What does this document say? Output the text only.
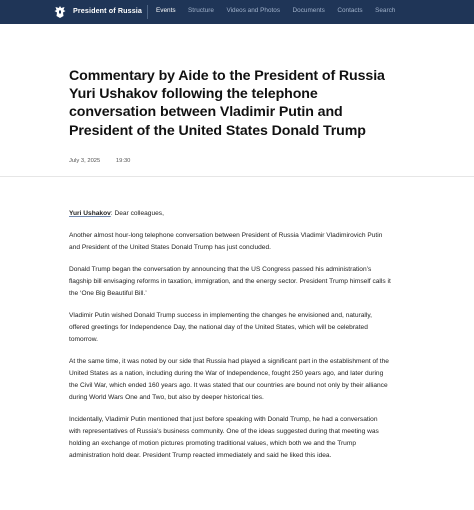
President of Russia Events Structure Videos and Photos Documents Contacts Search
Commentary by Aide to the President of Russia Yuri Ushakov following the telephone conversation between Vladimir Putin and President of the United States Donald Trump
July 3, 2025	19:30

Yuri Ushakov: Dear colleagues,

Another almost hour-long telephone conversation between President of Russia Vladimir Vladimirovich Putin and President of the United States Donald Trump has just concluded.

Donald Trump began the conversation by announcing that the US Congress passed his administration’s flagship bill envisaging reforms in taxation, immigration, and the energy sector. President Trump himself calls it the ‘One Big Beautiful Bill.’

Vladimir Putin wished Donald Trump success in implementing the changes he envisioned and, naturally, offered greetings for Independence Day, the national day of the United States, which will be celebrated tomorrow.

At the same time, it was noted by our side that Russia had played a significant part in the establishment of the United States as a nation, including during the War of Independence, fought 250 years ago, and later during the Civil War, which ended 160 years ago. It was stated that our countries are bound not only by their alliance during World Wars One and Two, but also by deeper historical ties.

Incidentally, Vladimir Putin mentioned that just before speaking with Donald Trump, he had a conversation with representatives of Russia’s business community. One of the ideas suggested during that meeting was holding an exchange of motion pictures promoting traditional values, which both we and the Trump administration hold dear. President Trump reacted immediately and said he liked this idea.
